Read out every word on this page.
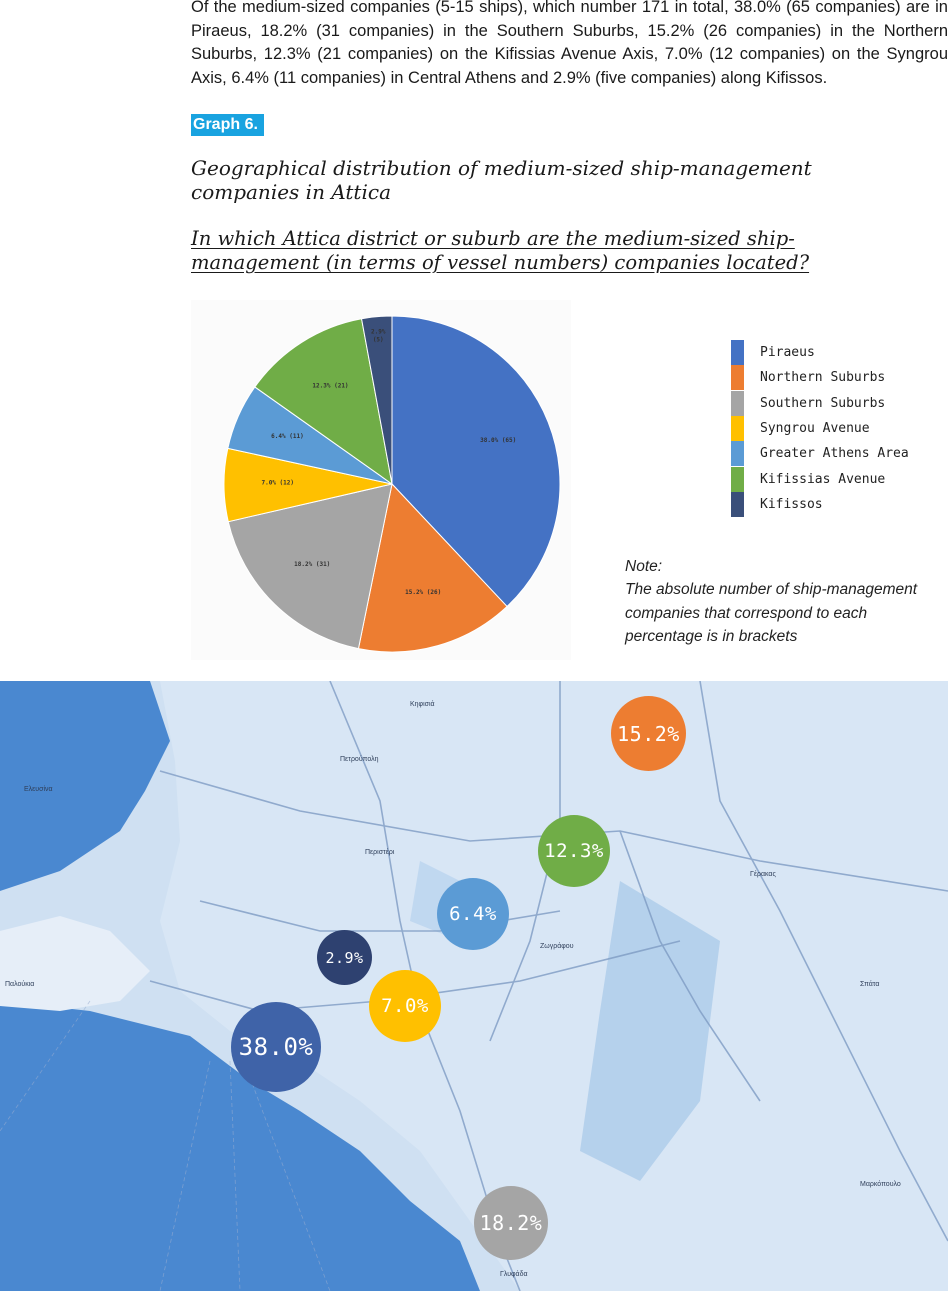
Of the medium-sized companies (5-15 ships), which number 171 in total, 38.0% (65 companies) are in Piraeus, 18.2% (31 companies) in the Southern Suburbs, 15.2% (26 companies) in the Northern Suburbs, 12.3% (21 companies) on the Kifissias Avenue Axis, 7.0% (12 companies) on the Syngrou Axis, 6.4% (11 companies) in Central Athens and 2.9% (five companies) along Kifissos.

Graph 6.
Geographical distribution of medium-sized ship-management companies in Attica

In which Attica district or suburb are the medium-sized ship-management (in terms of vessel numbers) companies located?

38.0% (65)
15.2% (26)
18.2% (31)
7.0% (12)
6.4% (11)
12.3% (21)
2.9%
(5)
Piraeus
Northern Suburbs
Southern Suburbs
Syngrou Avenue
Greater Athens Area
Kifissias Avenue
Kifissos
Note:
The absolute number of ship-management companies that correspond to each percentage is in brackets
15.2%
12.3%
6.4%
2.9%
7.0%
38.0%
18.2%
Κηφισιά
Ελευσίνα
Πετρούπολη
Περιστέρι
Γέρακας
Ζωγράφου
Παλούκια
Γλυφάδα
Σπάτα
Μαρκόπουλο
